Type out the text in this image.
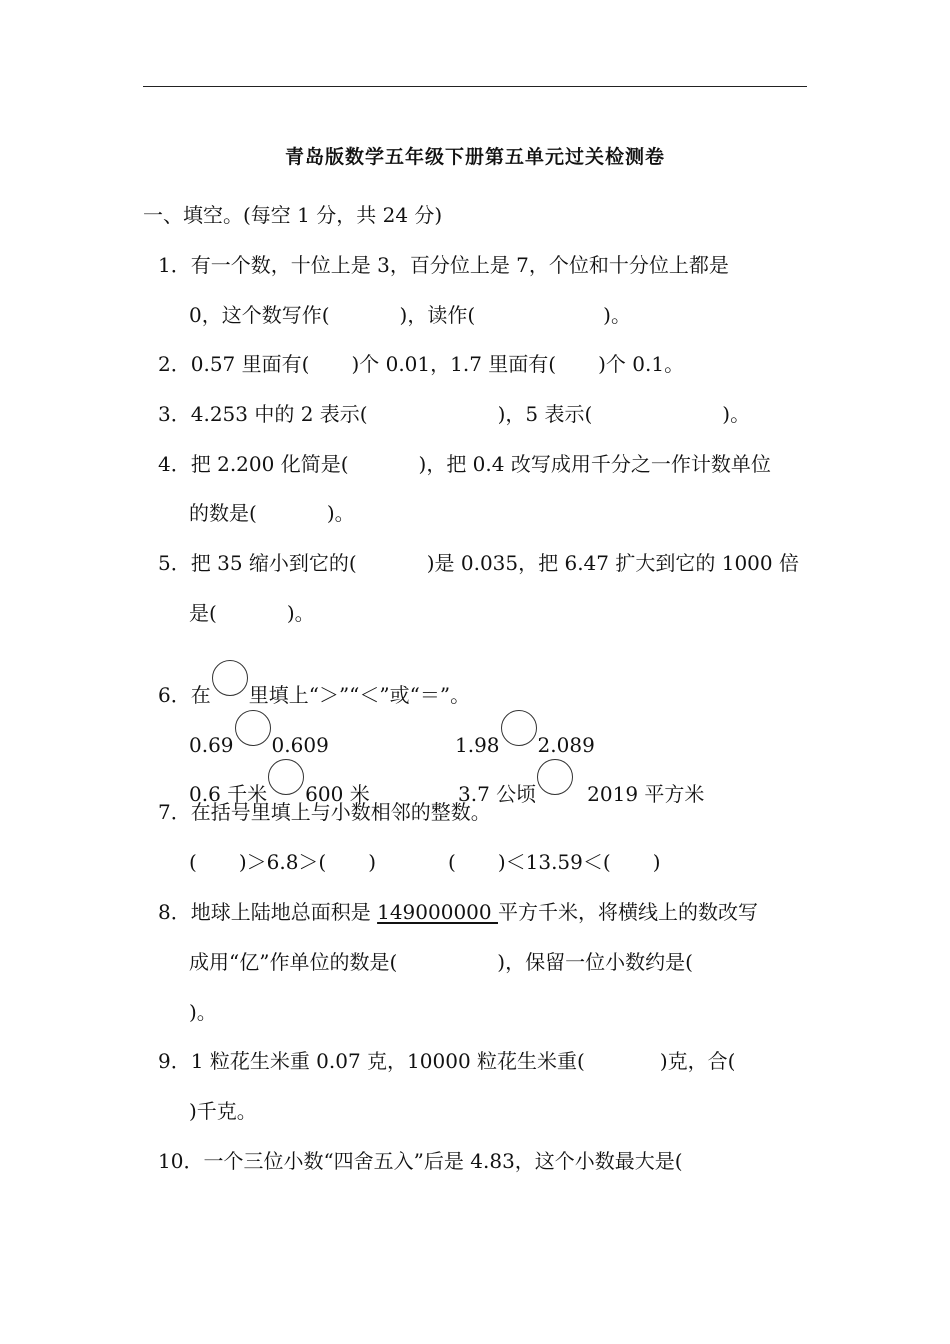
青岛版数学五年级下册第五单元过关检测卷
一、填空。(每空 1 分，共 24 分)
1．有一个数，十位上是 3，百分位上是 7，个位和十分位上都是
0，这个数写作(	)，读作(	)。
2．0.57 里面有( )个 0.01，1.7 里面有( )个 0.1。
3．4.253 中的 2 表示(	)，5 表示(	)。
4．把 2.200 化简是(	)，把 0.4 改写成用千分之一作计数单位
的数是(	)。
5．把 35 缩小到它的(	)是 0.035，把 6.47 扩大到它的 1000 倍
是(	)。
6．在 里填上“＞”“＜”或“＝”。
0.69 0.609	1.98 2.089
0.6 千米 600 米	3.7 公顷	2019 平方米
7．在括号里填上与小数相邻的整数。
( )＞6.8＞( )	( )＜13.59＜( )
8．地球上陆地总面积是 149000000 平方千米，将横线上的数改写
成用“亿”作单位的数是(	)，保留一位小数约是(
)。
9．1 粒花生米重 0.07 克，10000 粒花生米重(	)克，合(
)千克。
10．一个三位小数“四舍五入”后是 4.83，这个小数最大是(
